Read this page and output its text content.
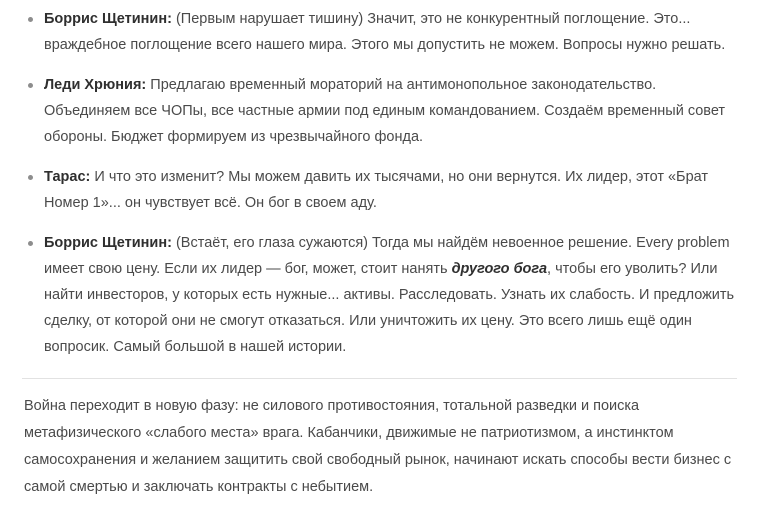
Боррис Щетинин: (Первым нарушает тишину) Значит, это не конкурентный поглощение. Это... враждебное поглощение всего нашего мира. Этого мы допустить не можем. Вопросы нужно решать.
Леди Хрюния: Предлагаю временный мораторий на антимонопольное законодательство. Объединяем все ЧОПы, все частные армии под единым командованием. Создаём временный совет обороны. Бюджет формируем из чрезвычайного фонда.
Тарас: И что это изменит? Мы можем давить их тысячами, но они вернутся. Их лидер, этот «Брат Номер 1»... он чувствует всё. Он бог в своем аду.
Боррис Щетинин: (Встаёт, его глаза сужаются) Тогда мы найдём невоенное решение. Every problem имеет свою цену. Если их лидер — бог, может, стоит нанять другого бога, чтобы его уволить? Или найти инвесторов, у которых есть нужные... активы. Расследовать. Узнать их слабость. И предложить сделку, от которой они не смогут отказаться. Или уничтожить их цену. Это всего лишь ещё один вопросик. Самый большой в нашей истории.

Война переходит в новую фазу: не силового противостояния, тотальной разведки и поиска метафизического «слабого места» врага. Кабанчики, движимые не патриотизмом, а инстинктом самосохранения и желанием защитить свой свободный рынок, начинают искать способы вести бизнес с самой смертью и заключать контракты с небытием.
